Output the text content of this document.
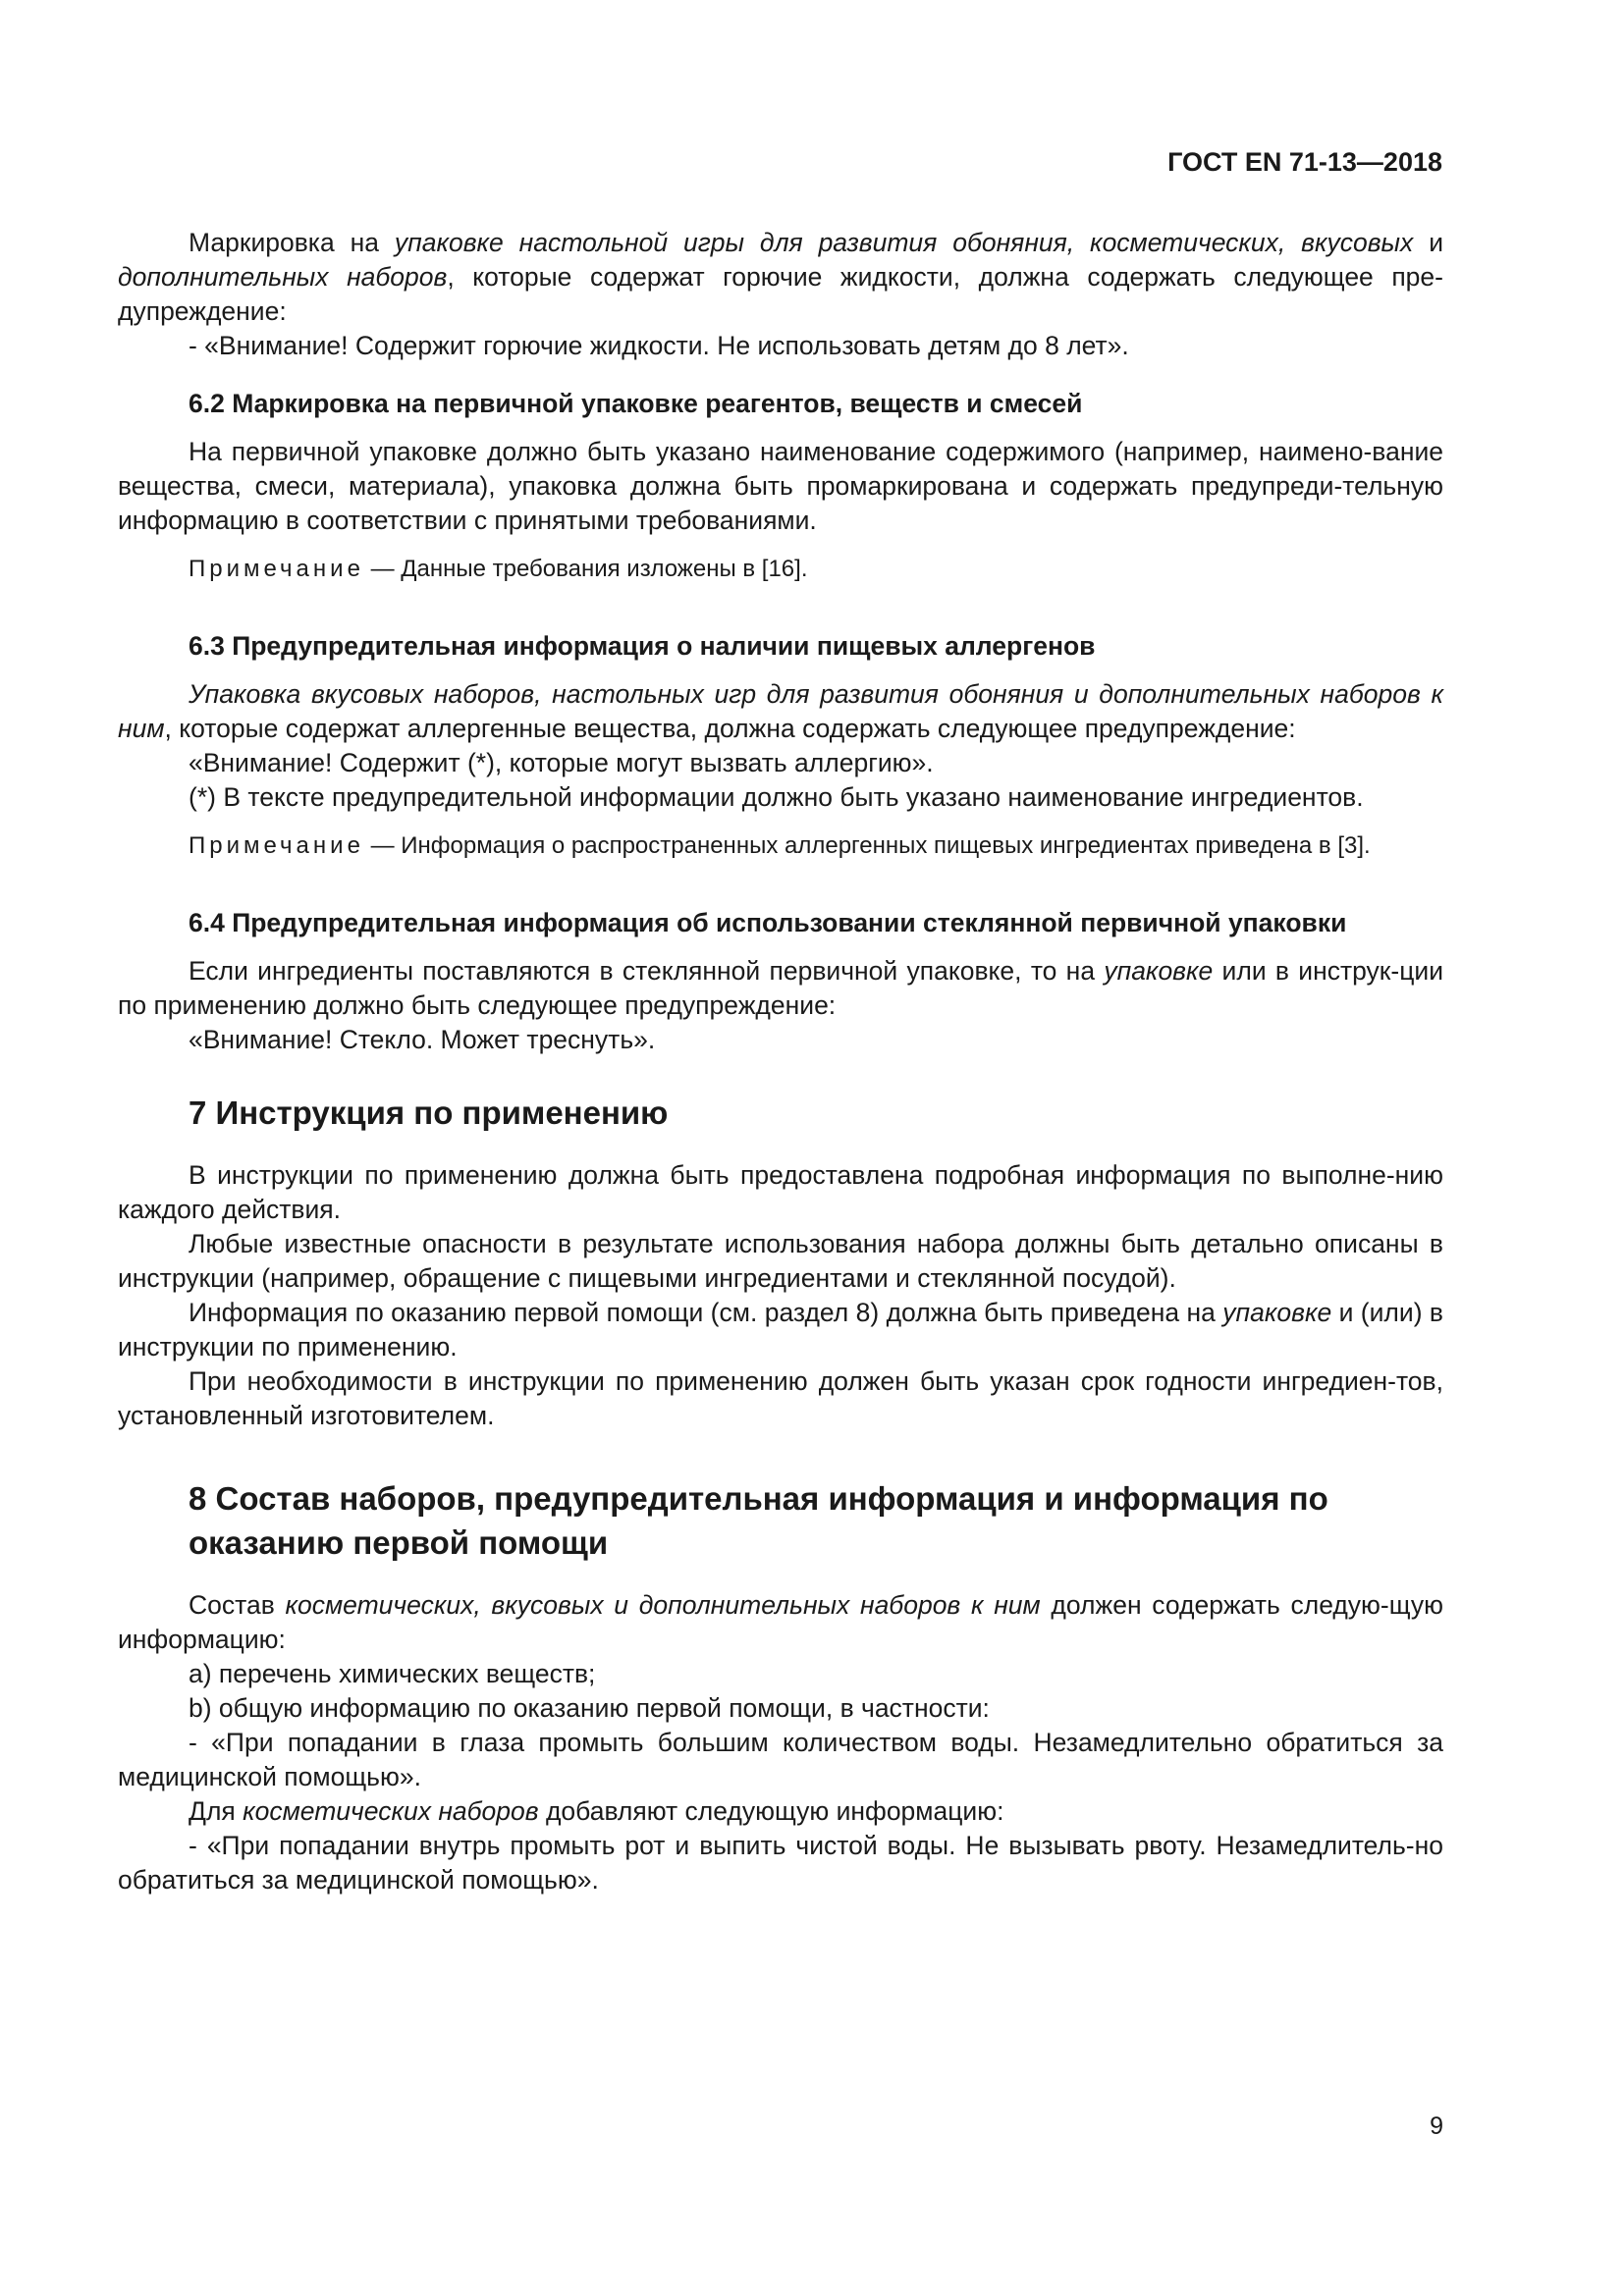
ГОСТ EN 71-13—2018

Маркировка на упаковке настольной игры для развития обоняния, косметических, вкусовых и дополнительных наборов, которые содержат горючие жидкости, должна содержать следующее пре-дупреждение:

- «Внимание! Содержит горючие жидкости. Не использовать детям до 8 лет».

6.2 Маркировка на первичной упаковке реагентов, веществ и смесей

На первичной упаковке должно быть указано наименование содержимого (например, наимено-вание вещества, смеси, материала), упаковка должна быть промаркирована и содержать предупреди-тельную информацию в соответствии с принятыми требованиями.

Примечание — Данные требования изложены в [16].

6.3 Предупредительная информация о наличии пищевых аллергенов

Упаковка вкусовых наборов, настольных игр для развития обоняния и дополнительных наборов к ним, которые содержат аллергенные вещества, должна содержать следующее предупреждение:

«Внимание! Содержит (*), которые могут вызвать аллергию».

(*) В тексте предупредительной информации должно быть указано наименование ингредиентов.

Примечание — Информация о распространенных аллергенных пищевых ингредиентах приведена в [3].

6.4 Предупредительная информация об использовании стеклянной первичной упаковки

Если ингредиенты поставляются в стеклянной первичной упаковке, то на упаковке или в инструк-ции по применению должно быть следующее предупреждение:

«Внимание! Стекло. Может треснуть».

7 Инструкция по применению

В инструкции по применению должна быть предоставлена подробная информация по выполне-нию каждого действия.

Любые известные опасности в результате использования набора должны быть детально описаны в инструкции (например, обращение с пищевыми ингредиентами и стеклянной посудой).

Информация по оказанию первой помощи (см. раздел 8) должна быть приведена на упаковке и (или) в инструкции по применению.

При необходимости в инструкции по применению должен быть указан срок годности ингредиен-тов, установленный изготовителем.

8 Состав наборов, предупредительная информация и информация по оказанию первой помощи

Состав косметических, вкусовых и дополнительных наборов к ним должен содержать следую-щую информацию:

a) перечень химических веществ;

b) общую информацию по оказанию первой помощи, в частности:

- «При попадании в глаза промыть большим количеством воды. Незамедлительно обратиться за медицинской помощью».

Для косметических наборов добавляют следующую информацию:

- «При попадании внутрь промыть рот и выпить чистой воды. Не вызывать рвоту. Незамедлитель-но обратиться за медицинской помощью».

9
